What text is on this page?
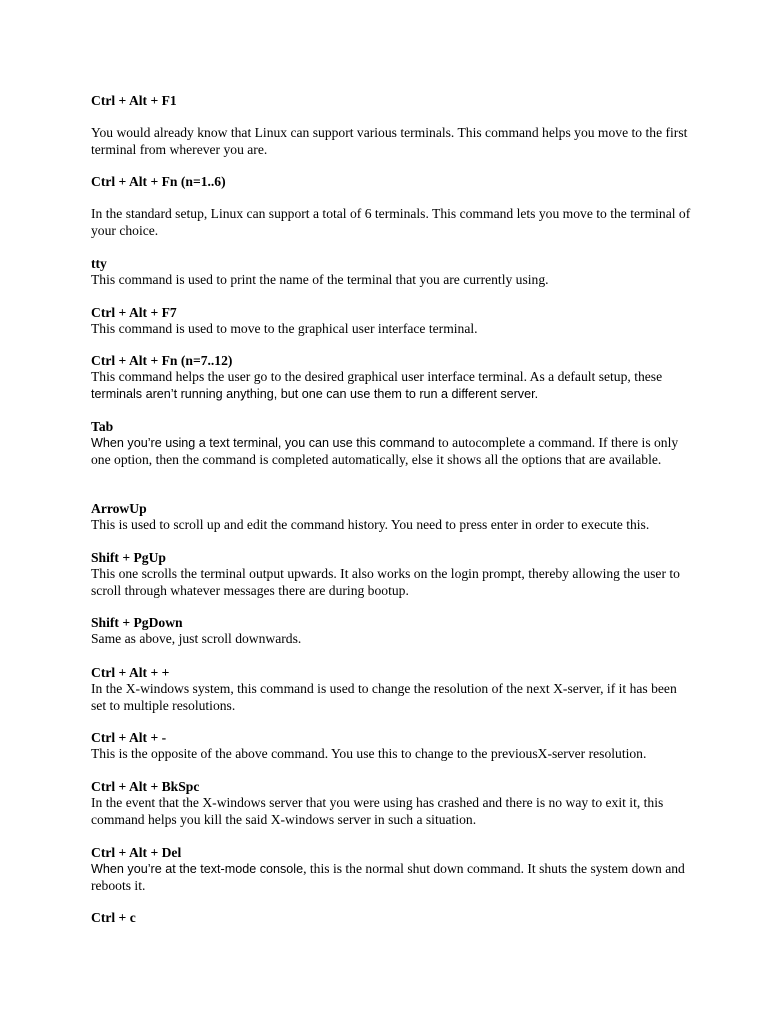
Ctrl + Alt + F1
You would already know that Linux can support various terminals. This command helps you move to the first terminal from wherever you are.
Ctrl + Alt + Fn (n=1..6)
In the standard setup, Linux can support a total of 6 terminals. This command lets you move to the terminal of your choice.
tty
This command is used to print the name of the terminal that you are currently using.
Ctrl + Alt + F7
This command is used to move to the graphical user interface terminal.
Ctrl + Alt + Fn (n=7..12)
This command helps the user go to the desired graphical user interface terminal. As a default setup, these terminals aren’t running anything, but one can use them to run a different server.
Tab
When you’re using a text terminal, you can use this command to autocomplete a command. If there is only one option, then the command is completed automatically, else it shows all the options that are available.
ArrowUp
This is used to scroll up and edit the command history. You need to press enter in order to execute this.
Shift + PgUp
This one scrolls the terminal output upwards. It also works on the login prompt, thereby allowing the user to scroll through whatever messages there are during bootup.
Shift + PgDown
Same as above, just scroll downwards.
Ctrl + Alt + +
In the X-windows system, this command is used to change the resolution of the next X-server, if it has been set to multiple resolutions.
Ctrl + Alt + -
This is the opposite of the above command. You use this to change to the previousX-server resolution.
Ctrl + Alt + BkSpc
In the event that the X-windows server that you were using has crashed and there is no way to exit it, this command helps you kill the said X-windows server in such a situation.
Ctrl + Alt + Del
When you’re at the text-mode console, this is the normal shut down command. It shuts the system down and reboots it.
Ctrl + c
